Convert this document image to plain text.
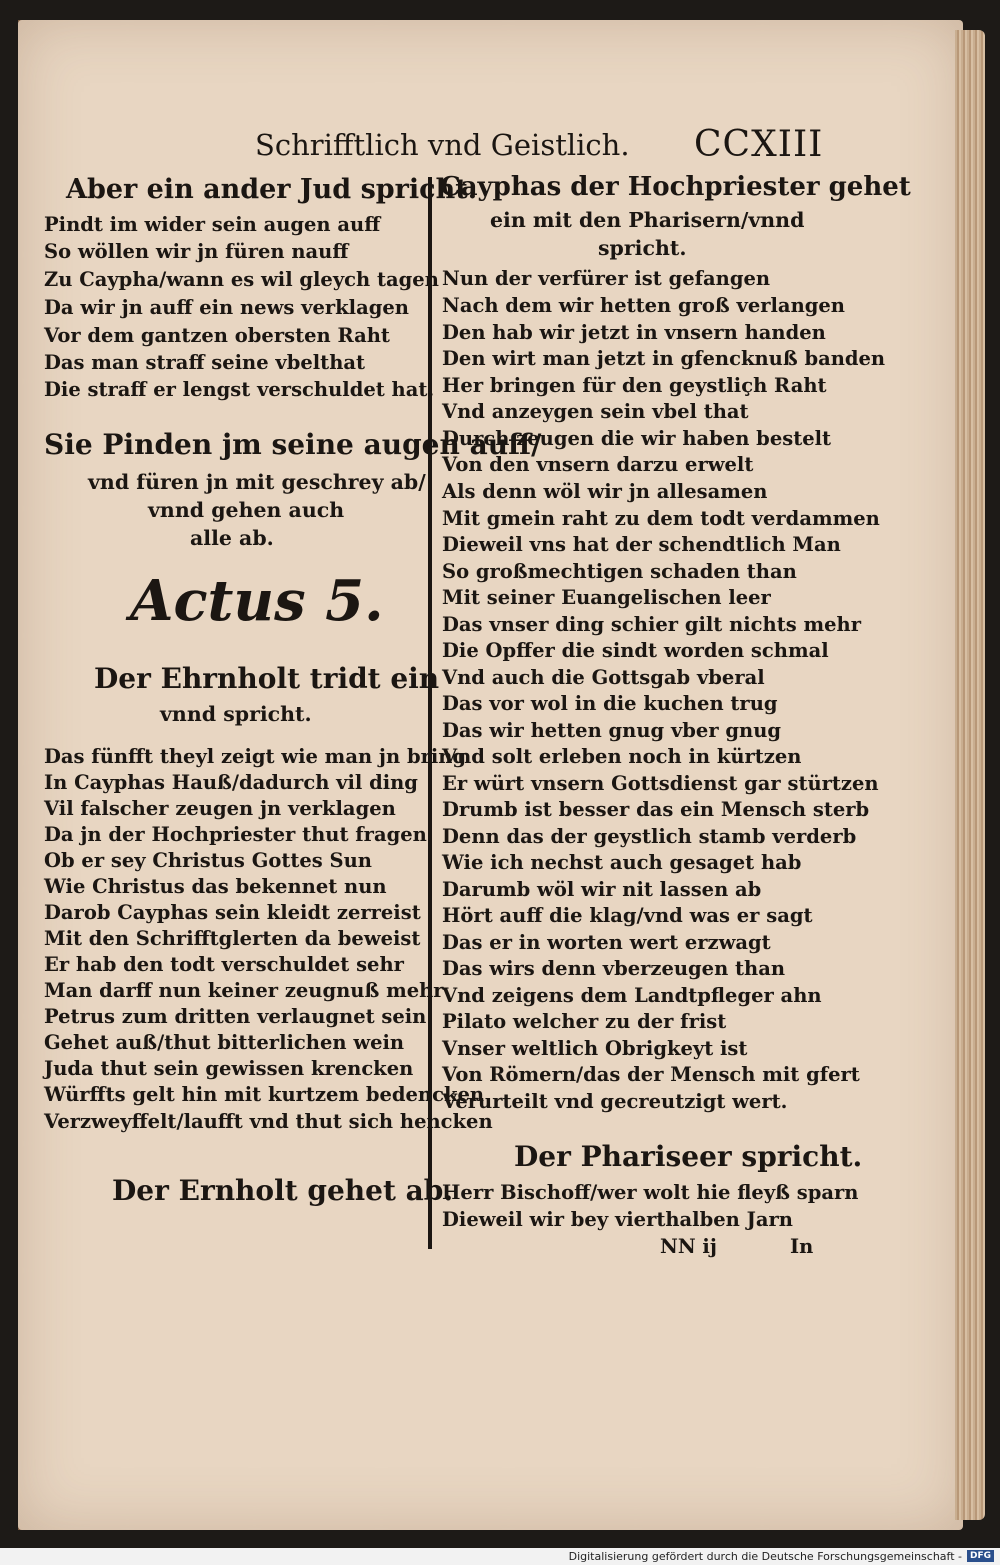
Schrifftlich vnd Geistlich. CCXIII
Aber ein ander Jud spricht.
Pindt im wider sein augen auff
So wöllen wir jn füren nauff
Zu Caypha/wann es wil gleych tagen
Da wir jn auff ein news verklagen
Vor dem gantzen obersten Raht
Das man straff seine vbelthat
Die straff er lengst verschuldet hat.
Sie Pinden jm seine augen auff/
vnd füren jn mit geschrey ab/
vnnd gehen auch
alle ab.
Actus 5.
Der Ehrnholt tridt ein
vnnd spricht.
Das fünfft theyl zeigt wie man jn bring
In Cayphas Hauß/dadurch vil ding
Vil falscher zeugen jn verklagen
Da jn der Hochpriester thut fragen
Ob er sey Christus Gottes Sun
Wie Christus das bekennet nun
Darob Cayphas sein kleidt zerreist
Mit den Schrifftglerten da beweist
Er hab den todt verschuldet sehr
Man darff nun keiner zeugnuß mehr
Petrus zum dritten verlaugnet sein
Gehet auß/thut bitterlichen wein
Juda thut sein gewissen krencken
Würffts gelt hin mit kurtzem bedencken
Verzweyffelt/laufft vnd thut sich hencken
Der Ernholt gehet ab.
Cayphas der Hochpriester gehet
ein mit den Pharisern/vnnd
spricht.
Nun der verfürer ist gefangen
Nach dem wir hetten groß verlangen
Den hab wir jetzt in vnsern handen
Den wirt man jetzt in gfencknuß banden
Her bringen für den geystliçh Raht
Vnd anzeygen sein vbel that
Durch zeugen die wir haben bestelt
Von den vnsern darzu erwelt
Als denn wöl wir jn allesamen
Mit gmein raht zu dem todt verdammen
Dieweil vns hat der schendtlich Man
So großmechtigen schaden than
Mit seiner Euangelischen leer
Das vnser ding schier gilt nichts mehr
Die Opffer die sindt worden schmal
Vnd auch die Gottsgab vberal
Das vor wol in die kuchen trug
Das wir hetten gnug vber gnug
Vnd solt erleben noch in kürtzen
Er würt vnsern Gottsdienst gar stürtzen
Drumb ist besser das ein Mensch sterb
Denn das der geystlich stamb verderb
Wie ich nechst auch gesaget hab
Darumb wöl wir nit lassen ab
Hört auff die klag/vnd was er sagt
Das er in worten wert erzwagt
Das wirs denn vberzeugen than
Vnd zeigens dem Landtpfleger ahn
Pilato welcher zu der frist
Vnser weltlich Obrigkeyt ist
Von Römern/das der Mensch mit gfert
Verurteilt vnd gecreutzigt wert.
Der Phariseer spricht.
Herr Bischoff/wer wolt hie fleyß sparn
Dieweil wir bey vierthalben Jarn
NN ij	In
Digitalisierung gefördert durch die Deutsche Forschungsgemeinschaft - DFG
